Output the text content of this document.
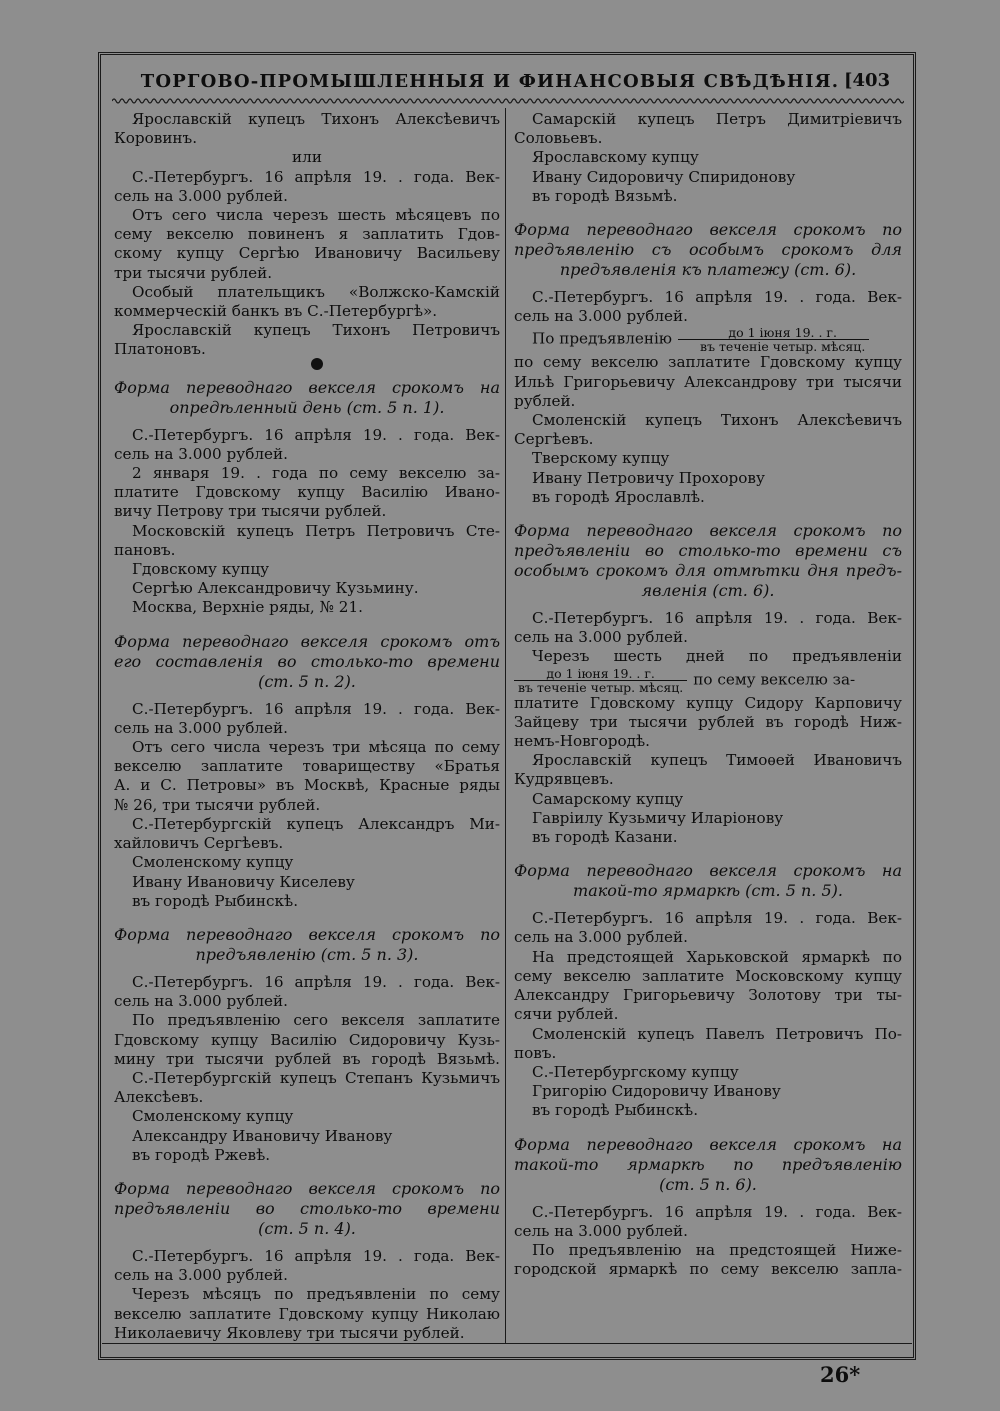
ТОРГОВО-ПРОМЫШЛЕННЫЯ И ФИНАНСОВЫЯ СВѢДѢНІЯ. [403
Ярославскій купецъ Тихонъ Алексѣевичъ
Коровинъ.
или
С.-Петербургъ. 16 апрѣля 19. . года. Век-
сель на 3.000 рублей.
Отъ сего числа черезъ шесть мѣсяцевъ по
сему векселю повиненъ я заплатить Гдов-
скому купцу Сергѣю Ивановичу Васильеву
три тысячи рублей.
Особый плательщикъ «Волжско-Камскій
коммерческій банкъ въ С.-Петербургѣ».
Ярославскій купецъ Тихонъ Петровичъ
Платоновъ.
Форма переводнаго векселя срокомъ на
опредѣленный день (ст. 5 п. 1).
С.-Петербургъ. 16 апрѣля 19. . года. Век-
сель на 3.000 рублей.
2 января 19. . года по сему векселю за-
платите Гдовскому купцу Василію Ивано-
вичу Петрову три тысячи рублей.
Московскій купецъ Петръ Петровичъ Сте-
пановъ.
Гдовскому купцу
Сергѣю Александровичу Кузьмину.
Москва, Верхніе ряды, № 21.
Форма переводнаго векселя срокомъ отъ
его составленія во столько-то времени
(ст. 5 п. 2).
С.-Петербургъ. 16 апрѣля 19. . года. Век-
сель на 3.000 рублей.
Отъ сего числа черезъ три мѣсяца по сему
векселю заплатите товариществу «Братья
А. и С. Петровы» въ Москвѣ, Красные ряды
№ 26, три тысячи рублей.
С.-Петербургскій купецъ Александръ Ми-
хайловичъ Сергѣевъ.
Смоленскому купцу
Ивану Ивановичу Киселеву
въ городѣ Рыбинскѣ.
Форма переводнаго векселя срокомъ по
предъявленію (ст. 5 п. 3).
С.-Петербургъ. 16 апрѣля 19. . года. Век-
сель на 3.000 рублей.
По предъявленію сего векселя заплатите
Гдовскому купцу Василію Сидоровичу Кузь-
мину три тысячи рублей въ городѣ Вязьмѣ.
С.-Петербургскій купецъ Степанъ Кузьмичъ
Алексѣевъ.
Смоленскому купцу
Александру Ивановичу Иванову
въ городѣ Ржевѣ.
Форма переводнаго векселя срокомъ по
предъявленіи во столько-то времени
(ст. 5 п. 4).
С.-Петербургъ. 16 апрѣля 19. . года. Век-
сель на 3.000 рублей.
Черезъ мѣсяцъ по предъявленіи по сему
векселю заплатите Гдовскому купцу Николаю
Николаевичу Яковлеву три тысячи рублей.
Самарскій купецъ Петръ Димитріевичъ
Соловьевъ.
Ярославскому купцу
Ивану Сидоровичу Спиридонову
въ городѣ Вязьмѣ.
Форма переводнаго векселя срокомъ по
предъявленію съ особымъ срокомъ для
предъявленія къ платежу (ст. 6).
С.-Петербургъ. 16 апрѣля 19. . года. Век-
сель на 3.000 рублей.
По предъявленію $\frac{\text{до 1 іюня 19. . г.}}{\text{въ теченіе четыр. мѣсяц.}}$
по сему векселю заплатите Гдовскому купцу
Ильѣ Григорьевичу Александрову три тысячи
рублей.
Смоленскій купецъ Тихонъ Алексѣевичъ
Сергѣевъ.
Тверскому купцу
Ивану Петровичу Прохорову
въ городѣ Ярославлѣ.
Форма переводнаго векселя срокомъ по
предъявленіи во столько-то времени съ
особымъ срокомъ для отмѣтки дня предъ-
явленія (ст. 6).
С.-Петербургъ. 16 апрѣля 19. . года. Век-
сель на 3.000 рублей.
Черезъ шесть дней по предъявленіи
$\frac{\text{до 1 іюня 19. . г.}}{\text{въ теченіе четыр. мѣсяц.}}$ по сему векселю за-
платите Гдовскому купцу Сидору Карповичу
Зайцеву три тысячи рублей въ городѣ Ниж-
немъ-Новгородѣ.
Ярославскій купецъ Тимоѳей Ивановичъ
Кудрявцевъ.
Самарскому купцу
Гавріилу Кузьмичу Иларіонову
въ городѣ Казани.
Форма переводнаго векселя срокомъ на
такой-то ярмаркѣ (ст. 5 п. 5).
С.-Петербургъ. 16 апрѣля 19. . года. Век-
сель на 3.000 рублей.
На предстоящей Харьковской ярмаркѣ по
сему векселю заплатите Московскому купцу
Александру Григорьевичу Золотову три ты-
сячи рублей.
Смоленскій купецъ Павелъ Петровичъ По-
повъ.
С.-Петербургскому купцу
Григорію Сидоровичу Иванову
въ городѣ Рыбинскѣ.
Форма переводнаго векселя срокомъ на
такой-то ярмаркѣ по предъявленію
(ст. 5 п. 6).
С.-Петербургъ. 16 апрѣля 19. . года. Век-
сель на 3.000 рублей.
По предъявленію на предстоящей Ниже-
городской ярмаркѣ по сему векселю запла-
26*
